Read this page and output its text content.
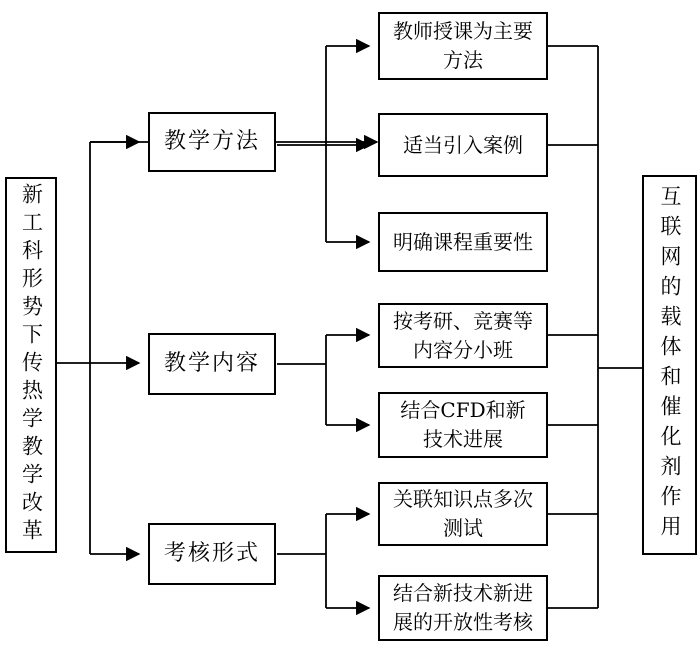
新工科形势下传热学教学改革
教学方法
教学内容
考核形式
教师授课为主要方法
适当引入案例
明确课程重要性
按考研、竞赛等内容分小班
结合CFD和新技术进展
关联知识点多次测试
结合新技术新进展的开放性考核
互联网的载体和催化剂作用
